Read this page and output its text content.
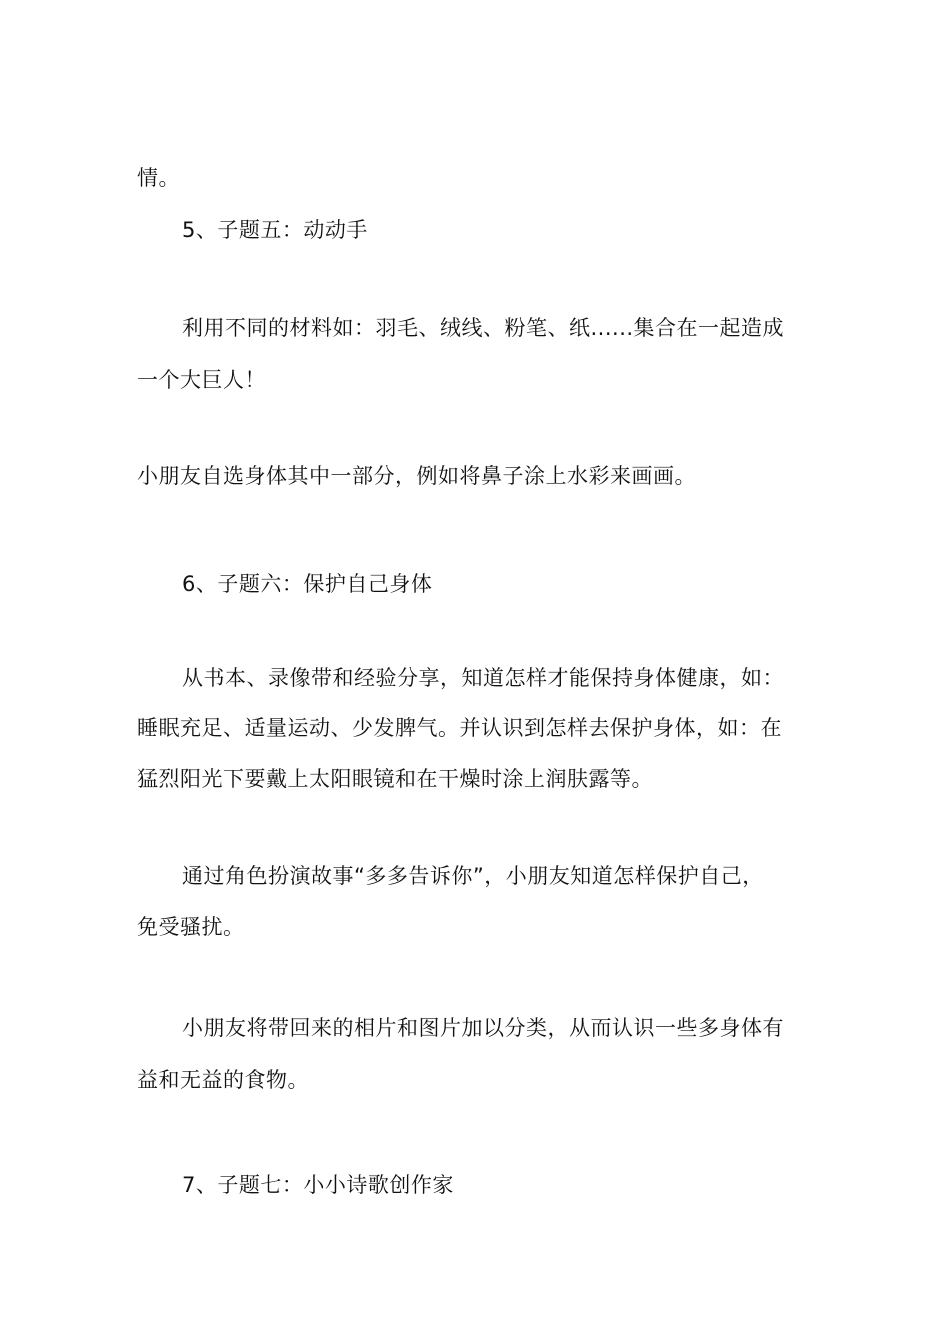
情。
5、子题五：动动手
利用不同的材料如：羽毛、绒线、粉笔、纸......集合在一起造成
一个大巨人！
小朋友自选身体其中一部分，例如将鼻子涂上水彩来画画。
6、子题六：保护自己身体
从书本、录像带和经验分享，知道怎样才能保持身体健康，如：
睡眠充足、适量运动、少发脾气。并认识到怎样去保护身体，如：在
猛烈阳光下要戴上太阳眼镜和在干燥时涂上润肤露等。
通过角色扮演故事“多多告诉你”，小朋友知道怎样保护自己，
免受骚扰。
小朋友将带回来的相片和图片加以分类，从而认识一些多身体有
益和无益的食物。
7、子题七：小小诗歌创作家
